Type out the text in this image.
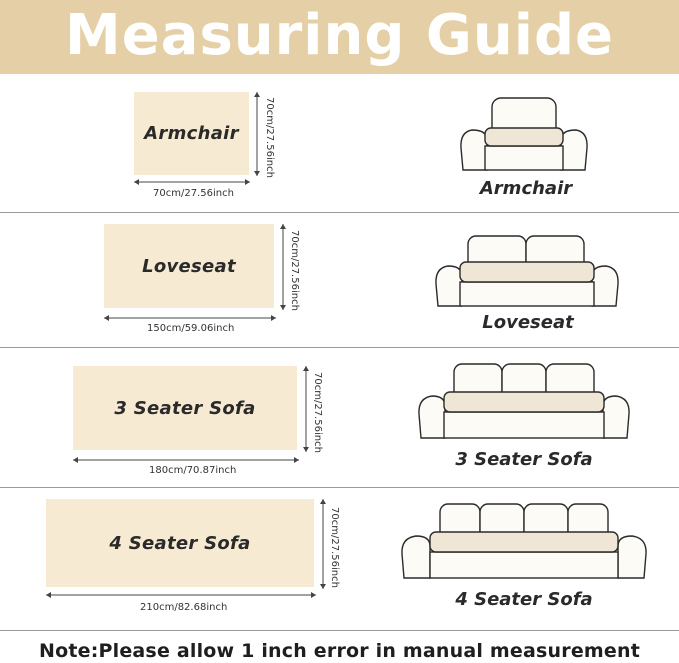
Measuring Guide
Armchair
70cm/27.56inch
70cm/27.56inch
Armchair
Loveseat
150cm/59.06inch
70cm/27.56inch
Loveseat
3 Seater Sofa
180cm/70.87inch
70cm/27.56inch
3 Seater Sofa
4 Seater Sofa
210cm/82.68inch
70cm/27.56inch
4 Seater Sofa
Note:Please allow 1 inch error in manual measurement
